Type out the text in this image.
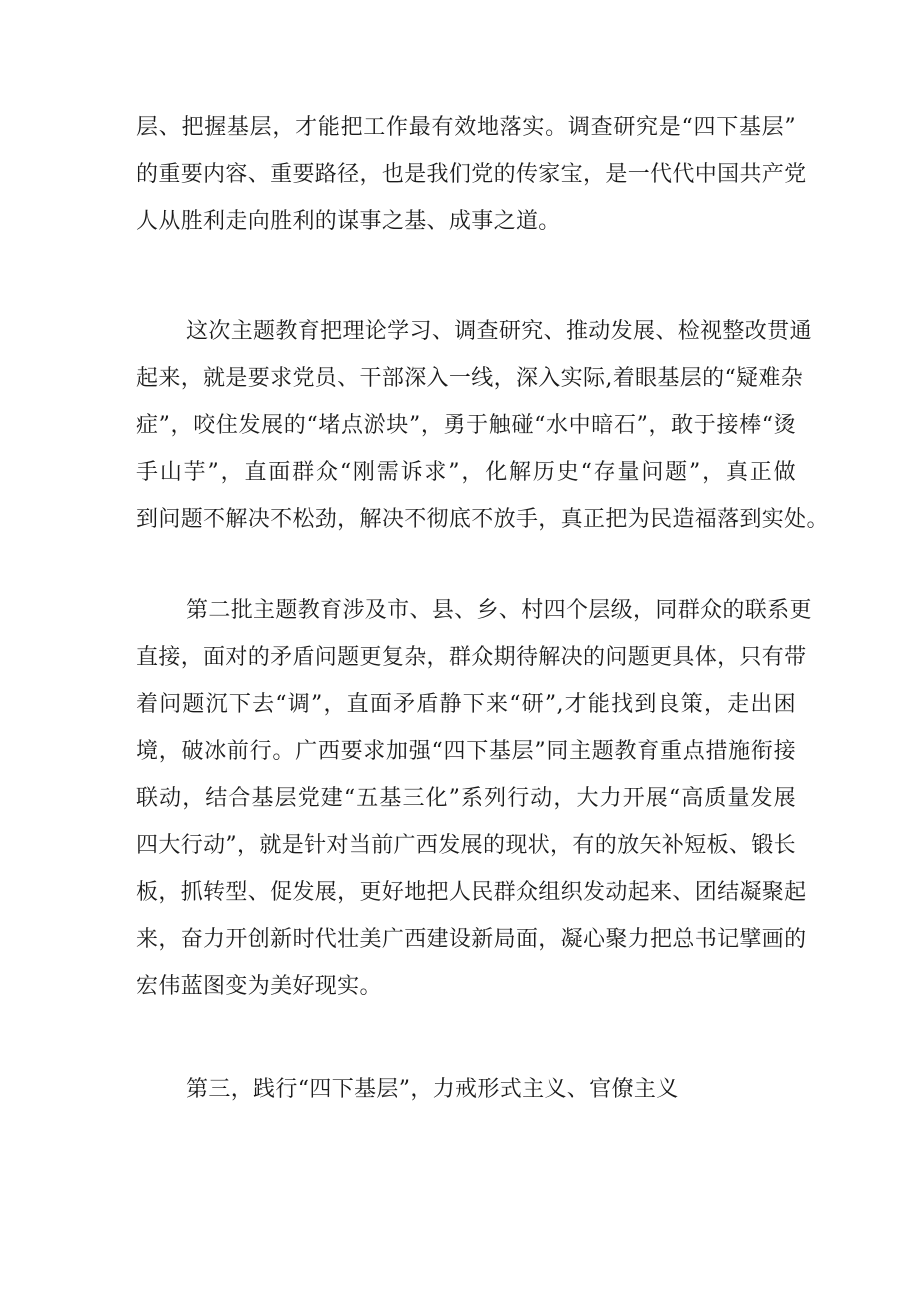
层、把握基层，才能把工作最有效地落实。调查研究是“四下基层”
的重要内容、重要路径，也是我们党的传家宝，是一代代中国共产党
人从胜利走向胜利的谋事之基、成事之道。
这次主题教育把理论学习、调查研究、推动发展、检视整改贯通
起来，就是要求党员、干部深入一线，深入实际,着眼基层的“疑难杂
症”，咬住发展的“堵点淤块”，勇于触碰“水中暗石”，敢于接棒“烫
手山芋”，直面群众“刚需诉求”，化解历史“存量问题”，真正做
到问题不解决不松劲，解决不彻底不放手，真正把为民造福落到实处。
第二批主题教育涉及市、县、乡、村四个层级，同群众的联系更
直接，面对的矛盾问题更复杂，群众期待解决的问题更具体，只有带
着问题沉下去“调”，直面矛盾静下来“研”,才能找到良策，走出困
境，破冰前行。广西要求加强“四下基层”同主题教育重点措施衔接
联动，结合基层党建“五基三化”系列行动，大力开展“高质量发展
四大行动”，就是针对当前广西发展的现状，有的放矢补短板、锻长
板，抓转型、促发展，更好地把人民群众组织发动起来、团结凝聚起
来，奋力开创新时代壮美广西建设新局面，凝心聚力把总书记擘画的
宏伟蓝图变为美好现实。
第三，践行“四下基层”，力戒形式主义、官僚主义
